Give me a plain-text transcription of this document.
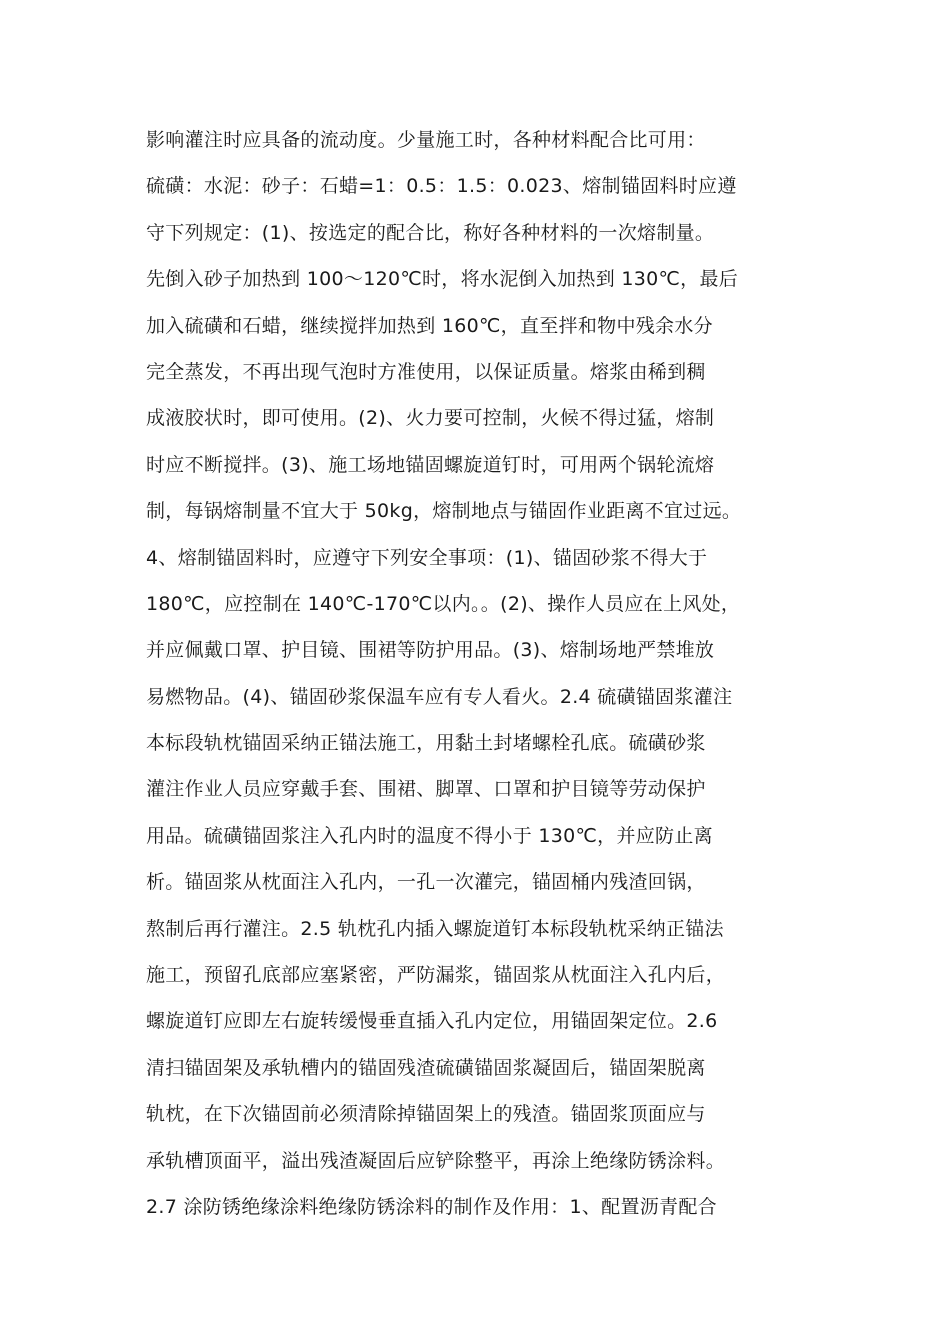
影响灌注时应具备的流动度。少量施工时，各种材料配合比可用：
硫磺：水泥：砂子：石蜡=1：0.5：1.5：0.023、熔制锚固料时应遵
守下列规定：(1)、按选定的配合比，称好各种材料的一次熔制量。
先倒入砂子加热到 100～120℃时，将水泥倒入加热到 130℃，最后
加入硫磺和石蜡，继续搅拌加热到 160℃，直至拌和物中残余水分
完全蒸发，不再出现气泡时方准使用，以保证质量。熔浆由稀到稠
成液胶状时，即可使用。(2)、火力要可控制，火候不得过猛，熔制
时应不断搅拌。(3)、施工场地锚固螺旋道钉时，可用两个锅轮流熔
制，每锅熔制量不宜大于 50kg，熔制地点与锚固作业距离不宜过远。
4、熔制锚固料时，应遵守下列安全事项：(1)、锚固砂浆不得大于
180℃，应控制在 140℃-170℃以内。。(2)、操作人员应在上风处，
并应佩戴口罩、护目镜、围裙等防护用品。(3)、熔制场地严禁堆放
易燃物品。(4)、锚固砂浆保温车应有专人看火。2.4 硫磺锚固浆灌注
本标段轨枕锚固采纳正锚法施工，用黏土封堵螺栓孔底。硫磺砂浆
灌注作业人员应穿戴手套、围裙、脚罩、口罩和护目镜等劳动保护
用品。硫磺锚固浆注入孔内时的温度不得小于 130℃，并应防止离
析。锚固浆从枕面注入孔内，一孔一次灌完，锚固桶内残渣回锅，
熬制后再行灌注。2.5 轨枕孔内插入螺旋道钉本标段轨枕采纳正锚法
施工，预留孔底部应塞紧密，严防漏浆，锚固浆从枕面注入孔内后，
螺旋道钉应即左右旋转缓慢垂直插入孔内定位，用锚固架定位。2.6
清扫锚固架及承轨槽内的锚固残渣硫磺锚固浆凝固后，锚固架脱离
轨枕，在下次锚固前必须清除掉锚固架上的残渣。锚固浆顶面应与
承轨槽顶面平，溢出残渣凝固后应铲除整平，再涂上绝缘防锈涂料。
2.7 涂防锈绝缘涂料绝缘防锈涂料的制作及作用：1、配置沥青配合
